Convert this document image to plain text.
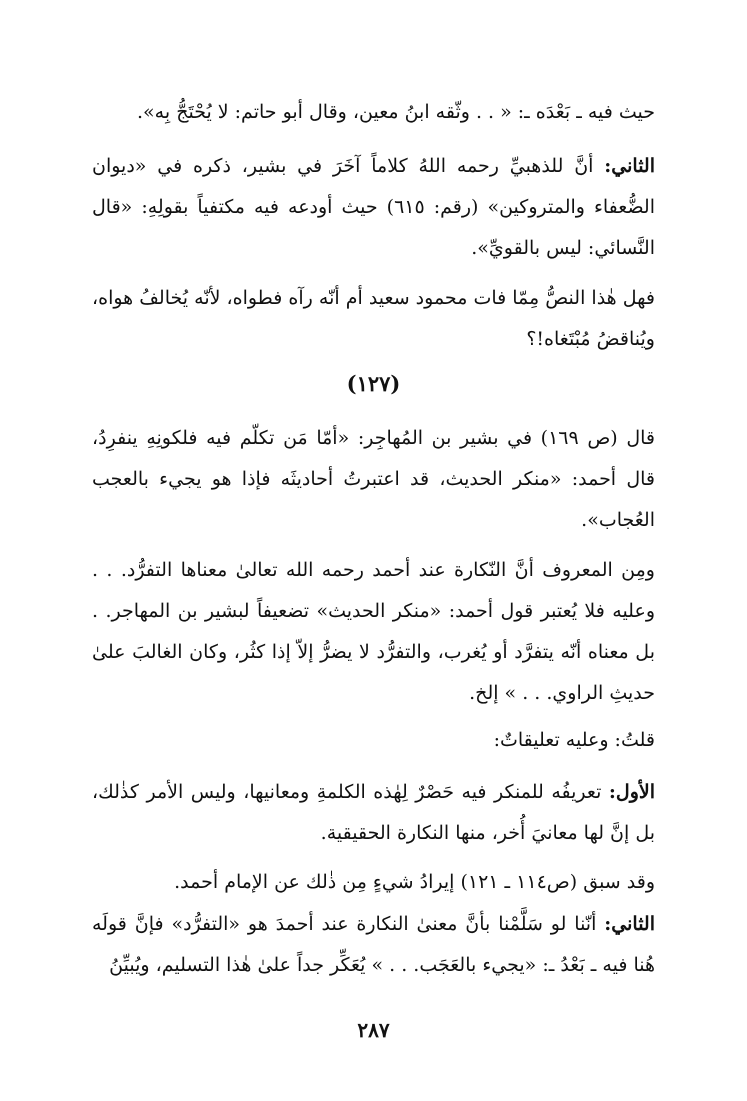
حيث فيه ـ بَعْدَه ـ: « . . وثّقه ابنُ معين، وقال أبو حاتم: لا يُحْتَجُّ بِه».

الثاني: أنَّ للذهبيِّ رحمه اللهُ كلاماً آخَرَ في بشير، ذكره في «ديوان الضُّعفاء والمتروكين» (رقم: ٦١٥) حيث أودعه فيه مكتفياً بقولِهِ: «قال النَّسائي: ليس بالقويِّ».

فهل هٰذا النصُّ مِمّا فات محمود سعيد أم أنّه رآه فطواه، لأنّه يُخالفُ هواه، ويُناقضُ مُبْتَغاه!؟

(١٢٧)

قال (ص ١٦٩) في بشير بن المُهاجِر: «أمّا مَن تكلّم فيه فلكونِهِ ينفرِدُ، قال أحمد: «منكر الحديث، قد اعتبرتُ أحاديثَه فإذا هو يجيء بالعجب العُجاب».

ومِن المعروف أنَّ النّكارة عند أحمد رحمه الله تعالىٰ معناها التفرُّد. . . وعليه فلا يُعتبر قول أحمد: «منكر الحديث» تضعيفاً لبشير بن المهاجر. . بل معناه أنّه يتفرَّد أو يُغرب، والتفرُّد لا يضرُّ إلاّ إذا كثُر، وكان الغالبَ علىٰ حديثِ الراوي. . . » إلخ.

قلتُ: وعليه تعليقاتٌ:

الأول: تعريفُه للمنكر فيه حَصْرٌ لِهٰذه الكلمةِ ومعانيها، وليس الأمر كذٰلك، بل إنَّ لها معانيَ أُخر، منها النكارة الحقيقية.

وقد سبق (ص١١٤ ـ ١٢١) إيرادُ شيءٍ مِن ذٰلك عن الإمام أحمد.

الثاني: أنّنا لو سَلَّمْنا بأنَّ معنىٰ النكارة عند أحمدَ هو «التفرُّد» فإنَّ قولَه هُنا فيه ـ بَعْدُ ـ: «يجيء بالعَجَب. . . » يُعَكِّر جداً علىٰ هٰذا التسليم، ويُبيِّنُ

٢٨٧
